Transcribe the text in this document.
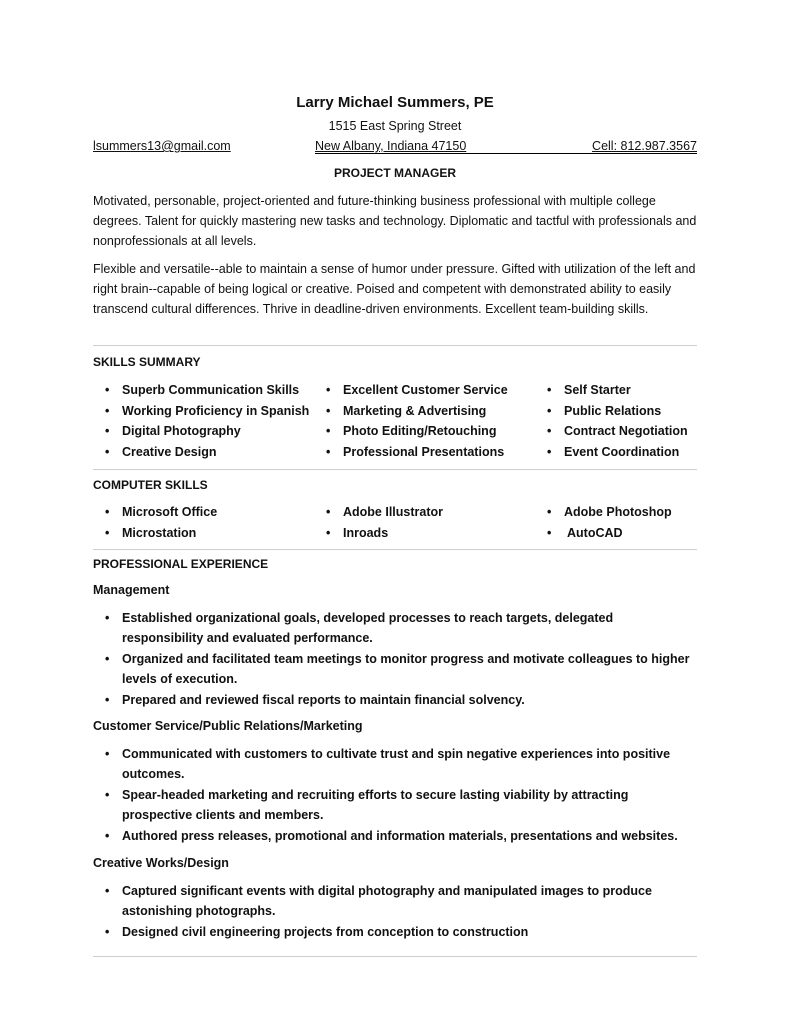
Larry Michael Summers, PE
1515 East Spring Street
lsummers13@gmail.com	New Albany, Indiana 47150	Cell: 812.987.3567
PROJECT MANAGER

Motivated, personable, project-oriented and future-thinking business professional with multiple college degrees. Talent for quickly mastering new tasks and technology. Diplomatic and tactful with professionals and nonprofessionals at all levels.

Flexible and versatile--able to maintain a sense of humor under pressure. Gifted with utilization of the left and right brain--capable of being logical or creative. Poised and competent with demonstrated ability to easily transcend cultural differences. Thrive in deadline-driven environments. Excellent team-building skills.

SKILLS SUMMARY
• Superb Communication Skills
• Working Proficiency in Spanish
• Digital Photography
• Creative Design
• Excellent Customer Service
• Marketing & Advertising
• Photo Editing/Retouching
• Professional Presentations
• Self Starter
• Public Relations
• Contract Negotiation
• Event Coordination
COMPUTER SKILLS
• Microsoft Office
• Microstation
• Adobe Illustrator
• Inroads
• Adobe Photoshop
•  AutoCAD
PROFESSIONAL EXPERIENCE
Management
• Established organizational goals, developed processes to reach targets, delegated responsibility and evaluated performance.
• Organized and facilitated team meetings to monitor progress and motivate colleagues to higher levels of execution.
• Prepared and reviewed fiscal reports to maintain financial solvency.
Customer Service/Public Relations/Marketing
• Communicated with customers to cultivate trust and spin negative experiences into positive outcomes.
• Spear-headed marketing and recruiting efforts to secure lasting viability by attracting prospective clients and members.
• Authored press releases, promotional and information materials, presentations and websites.
Creative Works/Design
• Captured significant events with digital photography and manipulated images to produce astonishing photographs.
• Designed civil engineering projects from conception to construction
